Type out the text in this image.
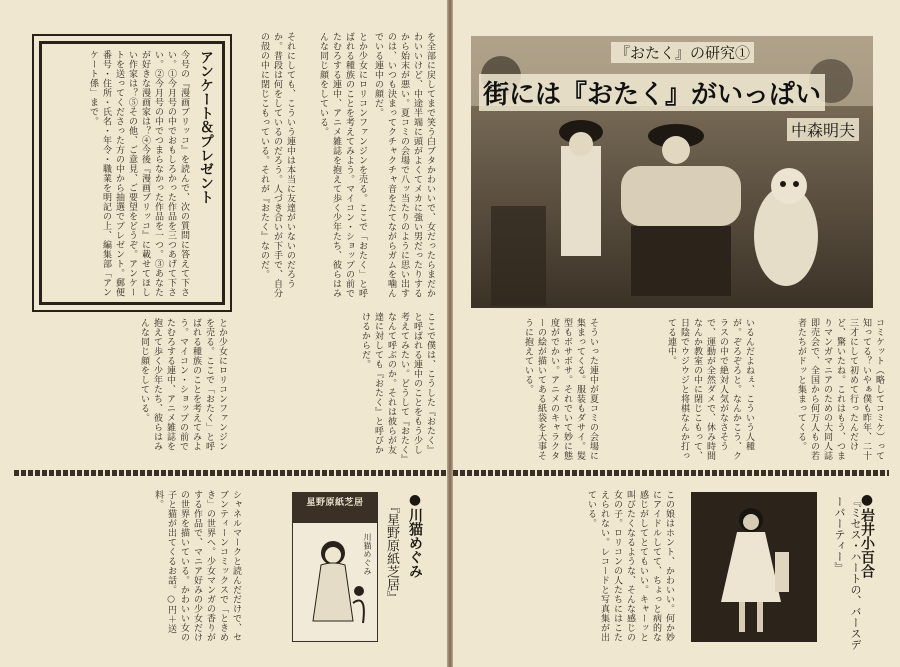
アンケート＆プレゼント
今号の『漫画ブリッコ』を読んで、次の質問に答えて下さい。①今月号の中でおもしろかった作品を三つあげて下さい。②今月号の中でつまらなかった作品を一つ。③あなたが好きな漫画家は？④今後『漫画ブリッコ』に載せてほしい作家は？⑤その他、ご意見、ご要望をどうぞ。アンケートを送ってくださった方の中から抽選でプレゼント。郵便番号・住所・氏名・年令・職業を明記の上、編集部「アンケート係」まで。	それにしても、こういう連中は本当に友達がいないのだろうか。普段は何をしているのだろう。人づき合いが下手で、自分の殻の中に閉じこもっている。それが『おたく』なのだ。	とか少女にロリコンファンジンを売る。ここで「おたく」と呼ばれる種族のことを考えてみよう。マイコン・ショップの前でたむろする連中、アニメ雑誌を抱えて歩く少年たち、彼らはみんな同じ顔をしている。	を全部に戻してまで笑う白ブタかわいいで、女だったらまだかわいいけど、中途半端に頭がよくてメカに強い男だったりするから始末が悪い。夏コミの会場で八ッ当たりのように思い出すのは、いつも決まってクチャクチャ音をたてながらガムを噛んでいる連中の顔だ。
ここで僕は、こうした『おたく』と呼ばれる連中のことをもう少し考えてみたい。どうして『おたく』なんて呼ぶのか。それは彼らが友達に対しても『おたく』と呼びかけるからだ。
とか少女にロリコンファンジンを売る。ここで「おたく」と呼ばれる種族のことを考えてみよう。マイコン・ショップの前でたむろする連中、アニメ雑誌を抱えて歩く少年たち、彼らはみんな同じ顔をしている。
シャネルマークと読んだだけで、セブンティーンコミックスで「ときめき」の世界へ。少女マンガの香りがする作品で、マニア好みの少女だけの世界を描いている。かわいい女の子と猫が出てくるお話。○円＋送料。	●川猫めぐみ
『星野原紙芝居』
星野原紙芝居
川猫めぐみ
『おたく』の研究①
街には『おたく』がいっぱい
中森明夫
そういった連中が夏コミの会場に集まってくる。服装もダサイ。髪型もボサボサ。それでいて妙に態度がでかい。アニメのキャラクターの絵が描いてある紙袋を大事そうに抱えている。	いるんだよねぇ、こういう人種が。ぞろぞろと。なんかこう、クラスの中で絶対人気がなさそうで、運動が全然ダメで、休み時間なんか教室の中に閉じこもって、日陰でウジウジと将棋なんか打ってる連中。	コミケット（略してコミケ）って知ってる？いやぁ僕も昨年、二十三才にして初めて行ったんだけど、驚いたね。これはもう、つまりマンガマニアのための大同人誌即売会で、全国から何万人もの若者たちがドッと集まってくる。
この娘はホント、かわいい。何か妙にアイドルしてて、ちょっと病的な感じがしてとてもいい。キャーッと叫びたくなるような、そんな感じの女の子。ロリコンの人たちにはこたえられない。レコードと写真集が出ている。	●岩井小百合
『ミセス・ハートの、バースデーパーティー』
